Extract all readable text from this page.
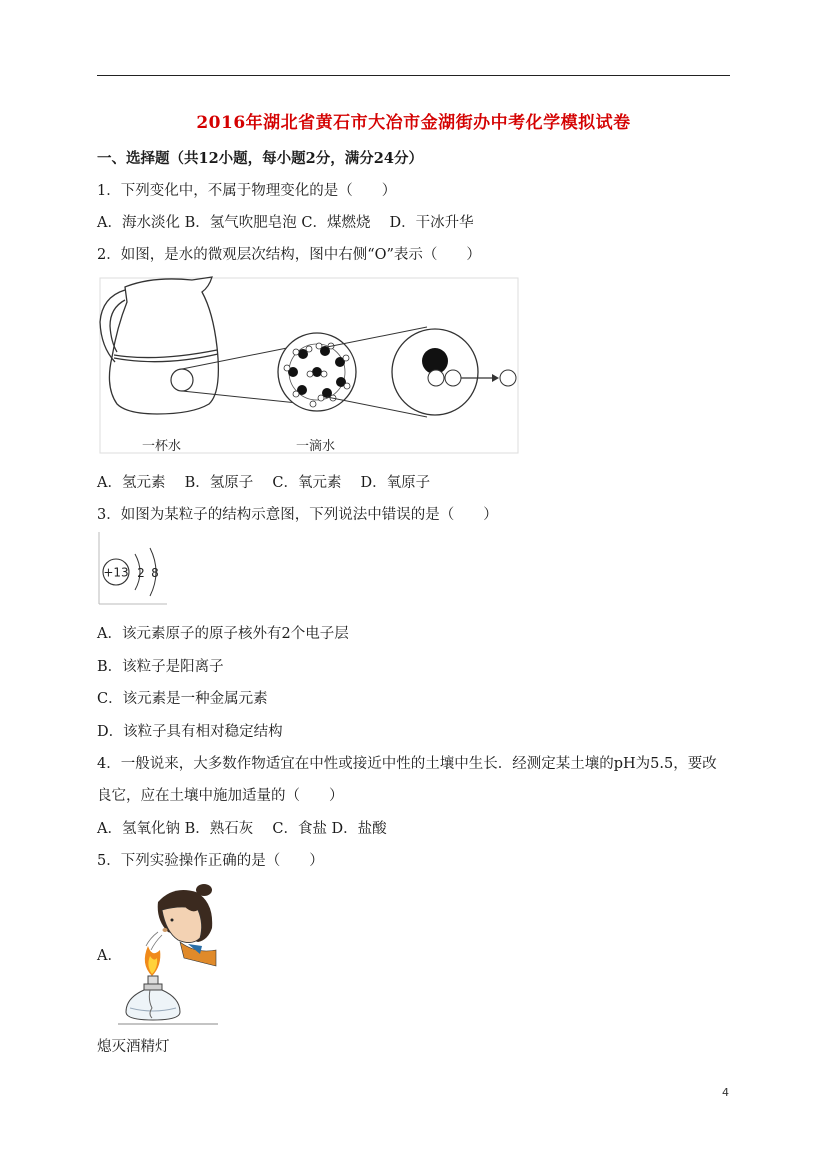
2016年湖北省黄石市大冶市金湖街办中考化学模拟试卷
一、选择题（共12小题，每小题2分，满分24分）
1．下列变化中，不属于物理变化的是（　　）
A．海水淡化 B．氢气吹肥皂泡 C．煤燃烧　 D．干冰升华
2．如图，是水的微观层次结构，图中右侧“O”表示（　　）
一杯水	一滴水
A．氢元素　 B．氢原子　 C．氧元素　 D．氧原子
3．如图为某粒子的结构示意图，下列说法中错误的是（　　）
+13 2 8
A．该元素原子的原子核外有2个电子层
B．该粒子是阳离子
C．该元素是一种金属元素
D．该粒子具有相对稳定结构
4．一般说来，大多数作物适宜在中性或接近中性的土壤中生长．经测定某土壤的pH为5.5，要改
良它，应在土壤中施加适量的（　　）
A．氢氧化钠 B．熟石灰　 C．食盐 D．盐酸
5．下列实验操作正确的是（　　）
A．
熄灭酒精灯
4
